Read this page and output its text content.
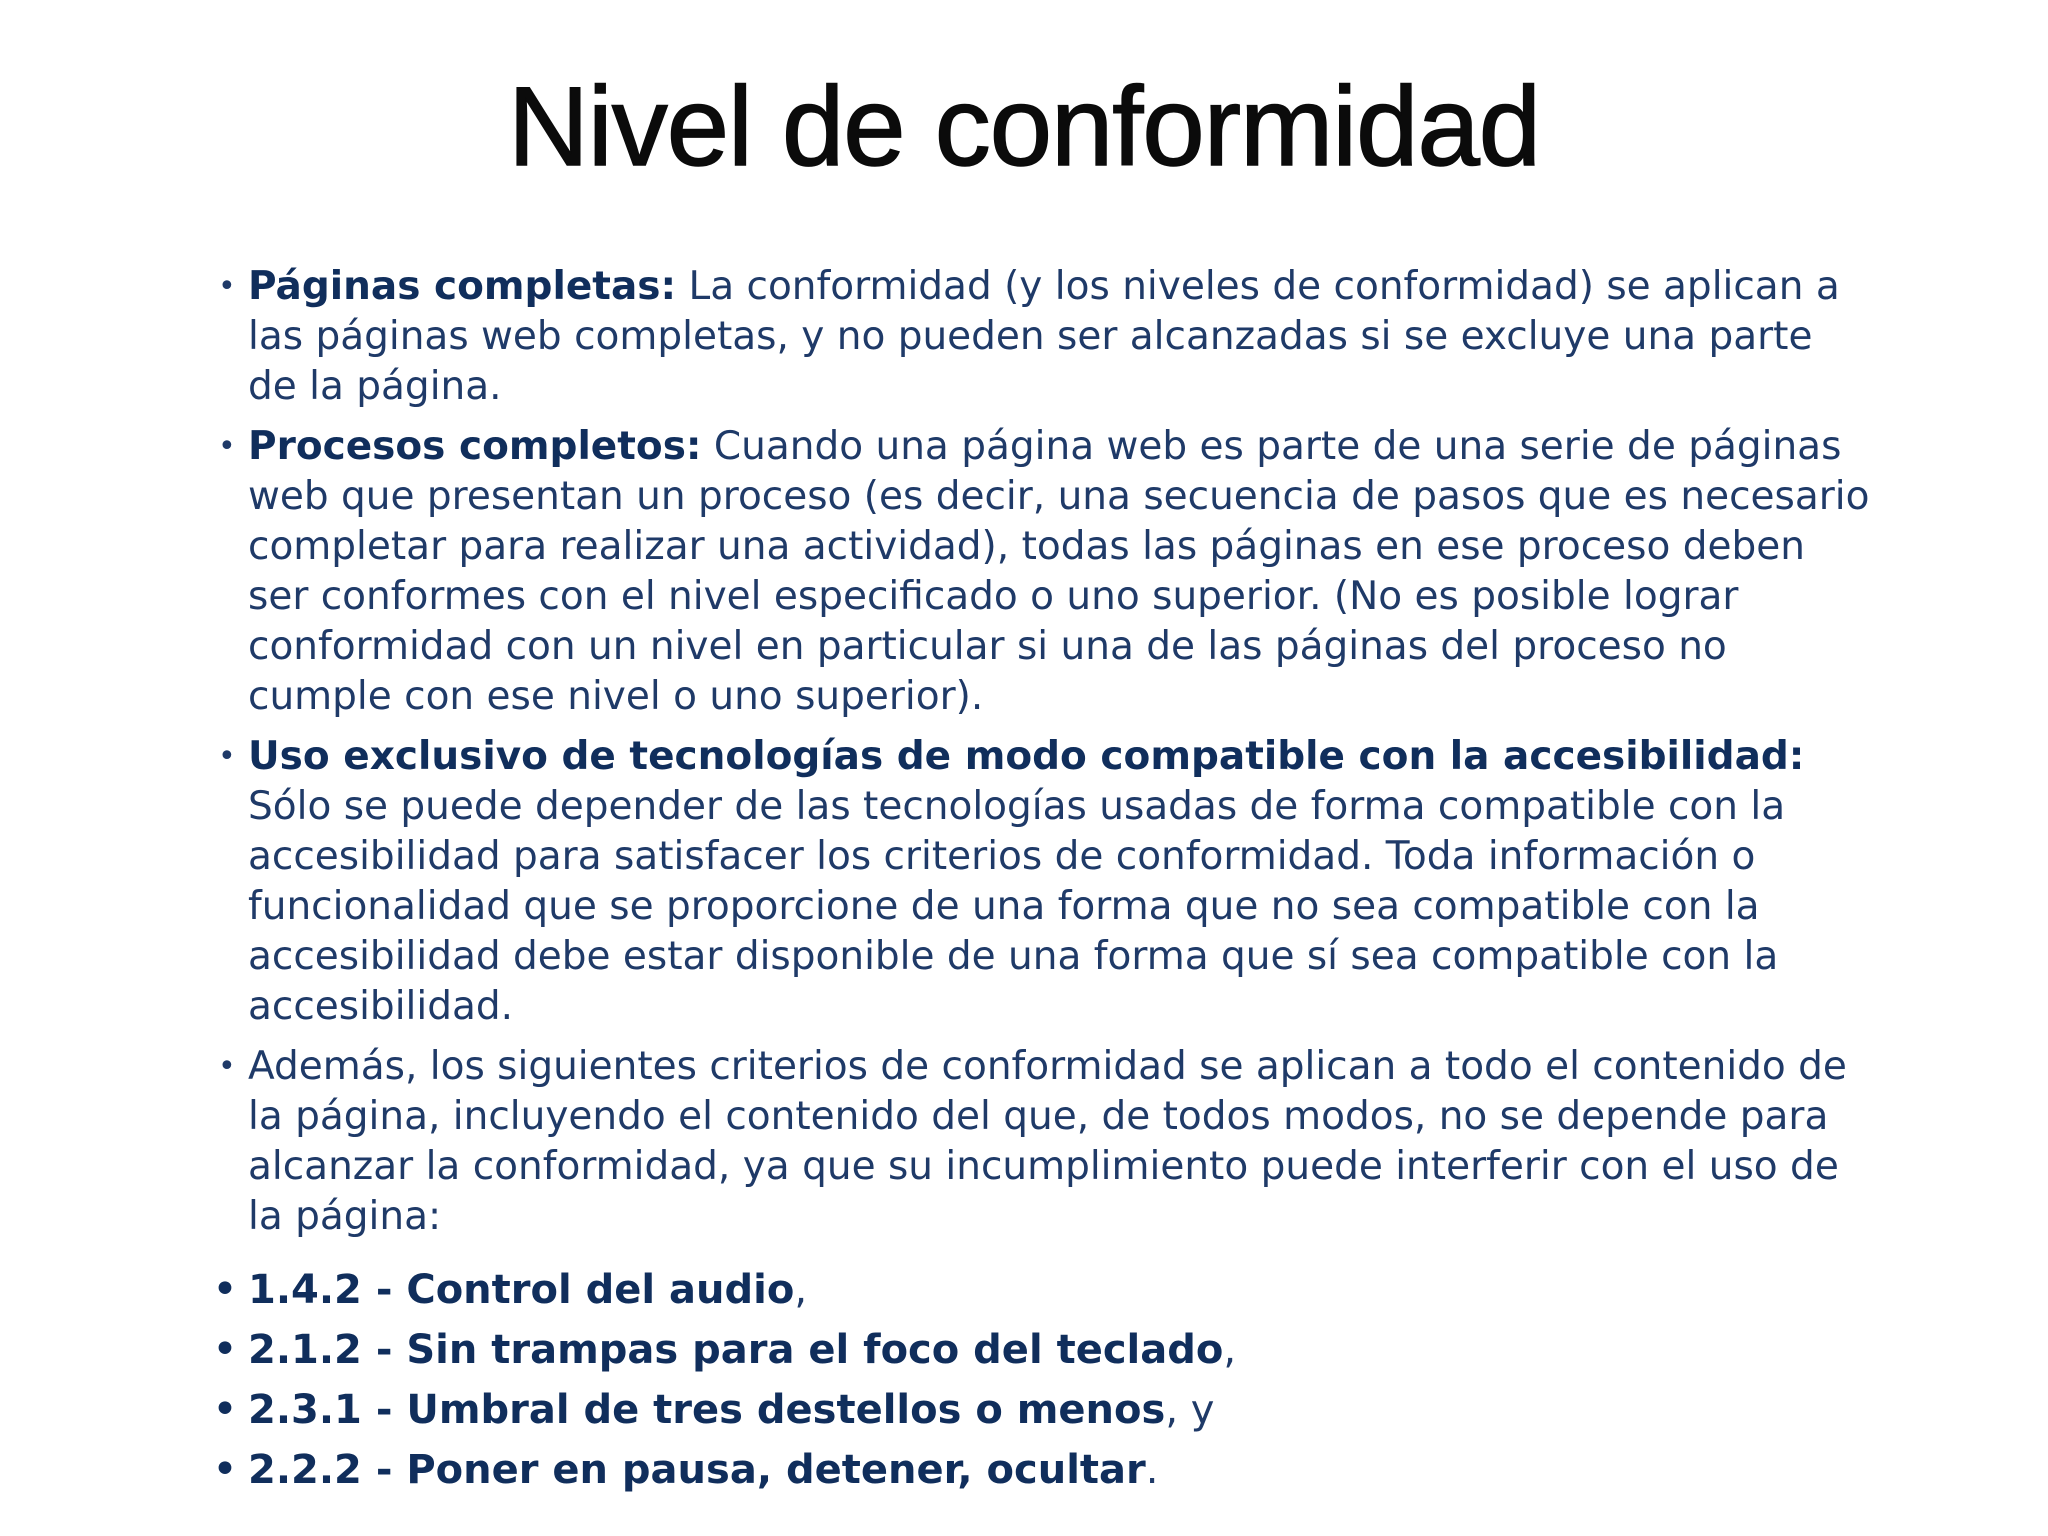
Nivel de conformidad
• Páginas completas: La conformidad (y los niveles de conformidad) se aplican a las páginas web completas, y no pueden ser alcanzadas si se excluye una parte de la página.
• Procesos completos: Cuando una página web es parte de una serie de páginas web que presentan un proceso (es decir, una secuencia de pasos que es necesario completar para realizar una actividad), todas las páginas en ese proceso deben ser conformes con el nivel especificado o uno superior. (No es posible lograr conformidad con un nivel en particular si una de las páginas del proceso no cumple con ese nivel o uno superior).
• Uso exclusivo de tecnologías de modo compatible con la accesibilidad: Sólo se puede depender de las tecnologías usadas de forma compatible con la accesibilidad para satisfacer los criterios de conformidad. Toda información o funcionalidad que se proporcione de una forma que no sea compatible con la accesibilidad debe estar disponible de una forma que sí sea compatible con la accesibilidad.
• Además, los siguientes criterios de conformidad se aplican a todo el contenido de la página, incluyendo el contenido del que, de todos modos, no se depende para alcanzar la conformidad, ya que su incumplimiento puede interferir con el uso de la página:
• 1.4.2 - Control del audio,
• 2.1.2 - Sin trampas para el foco del teclado,
• 2.3.1 - Umbral de tres destellos o menos, y
• 2.2.2 - Poner en pausa, detener, ocultar.
